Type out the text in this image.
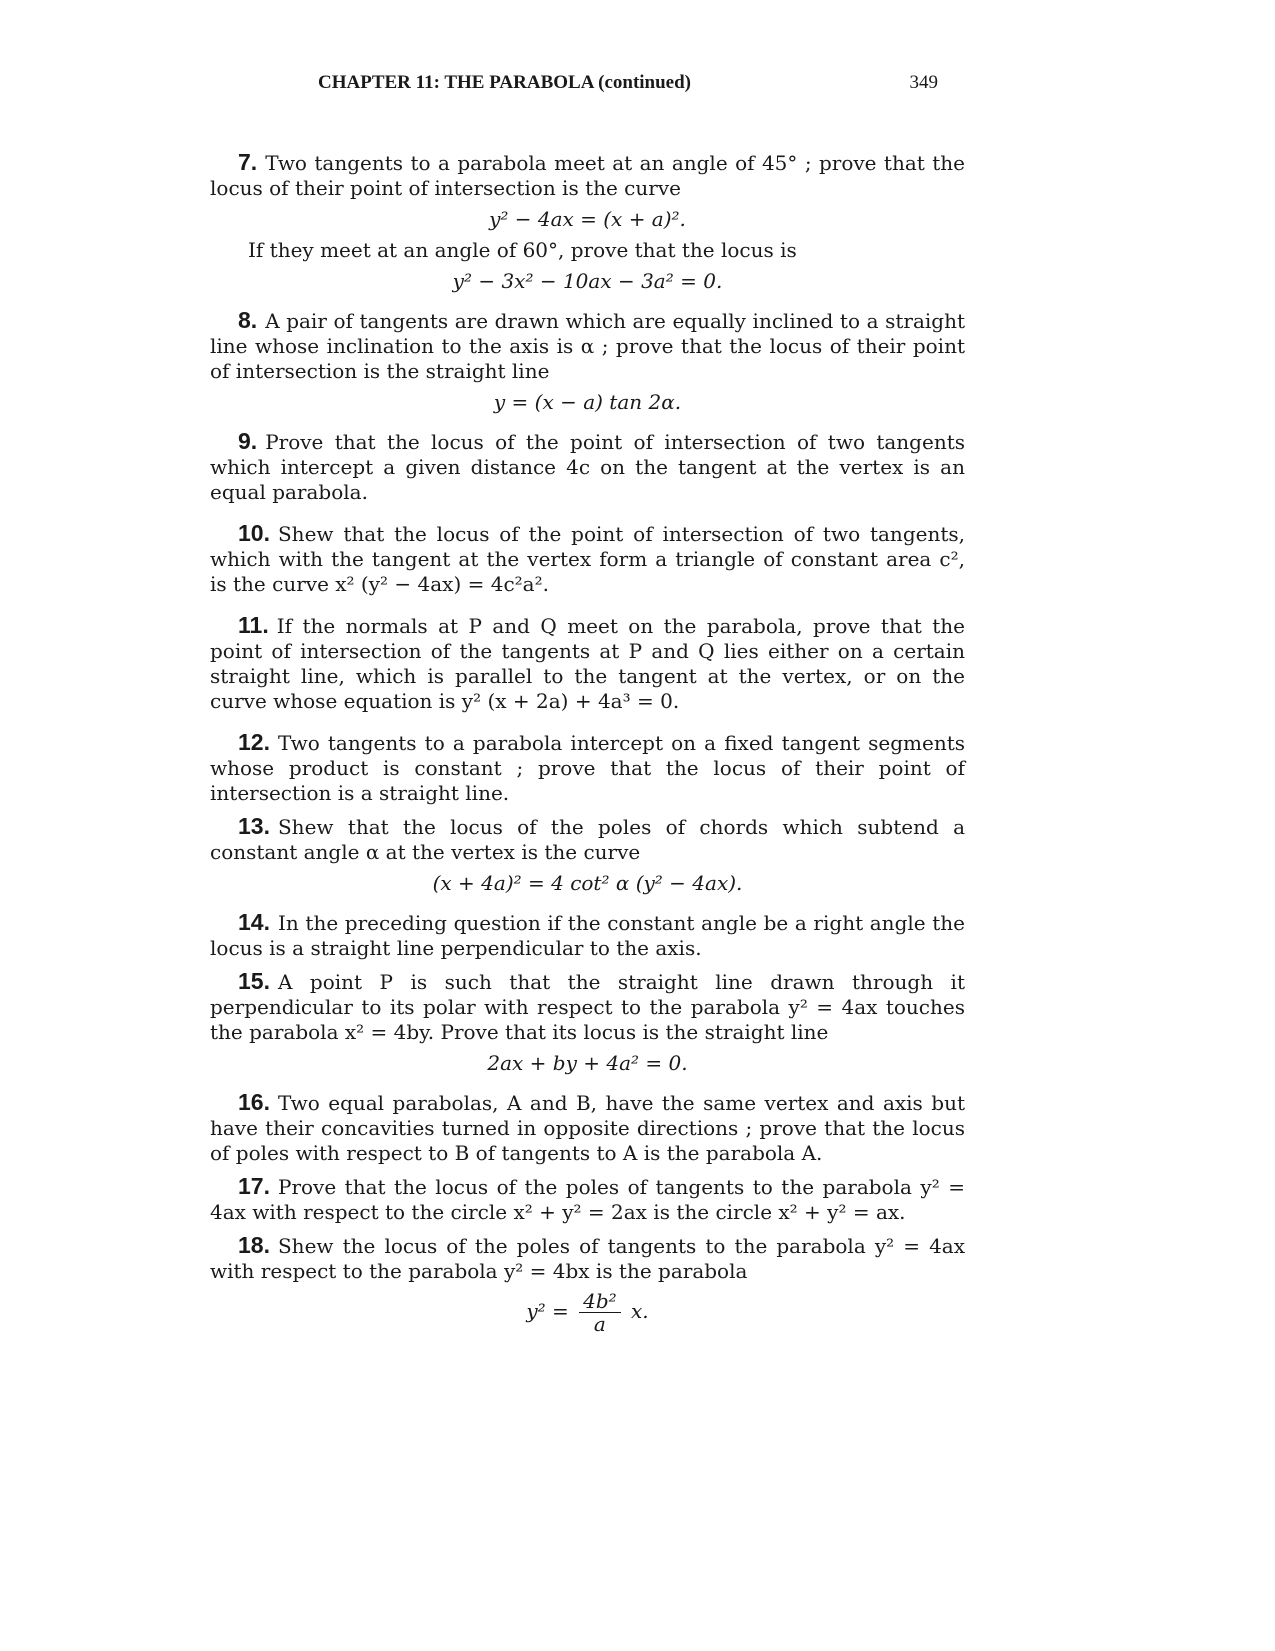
CHAPTER 11: THE PARABOLA (continued)	349

7. Two tangents to a parabola meet at an angle of 45° ; prove that the locus of their point of intersection is the curve

y² − 4ax = (x + a)².

If they meet at an angle of 60°, prove that the locus is

y² − 3x² − 10ax − 3a² = 0.

8. A pair of tangents are drawn which are equally inclined to a straight line whose inclination to the axis is α ; prove that the locus of their point of intersection is the straight line

y = (x − a) tan 2α.

9. Prove that the locus of the point of intersection of two tangents which intercept a given distance 4c on the tangent at the vertex is an equal parabola.

10. Shew that the locus of the point of intersection of two tangents, which with the tangent at the vertex form a triangle of constant area c², is the curve x² (y² − 4ax) = 4c²a².

11. If the normals at P and Q meet on the parabola, prove that the point of intersection of the tangents at P and Q lies either on a certain straight line, which is parallel to the tangent at the vertex, or on the curve whose equation is y² (x + 2a) + 4a³ = 0.

12. Two tangents to a parabola intercept on a fixed tangent segments whose product is constant ; prove that the locus of their point of intersection is a straight line.

13. Shew that the locus of the poles of chords which subtend a constant angle α at the vertex is the curve

(x + 4a)² = 4 cot² α (y² − 4ax).

14. In the preceding question if the constant angle be a right angle the locus is a straight line perpendicular to the axis.

15. A point P is such that the straight line drawn through it perpendicular to its polar with respect to the parabola y² = 4ax touches the parabola x² = 4by. Prove that its locus is the straight line

2ax + by + 4a² = 0.

16. Two equal parabolas, A and B, have the same vertex and axis but have their concavities turned in opposite directions ; prove that the locus of poles with respect to B of tangents to A is the parabola A.

17. Prove that the locus of the poles of tangents to the parabola y² = 4ax with respect to the circle x² + y² = 2ax is the circle x² + y² = ax.

18. Shew the locus of the poles of tangents to the parabola y² = 4ax with respect to the parabola y² = 4bx is the parabola

$y^2 = \frac{\text{4b²}}{a} x$.
